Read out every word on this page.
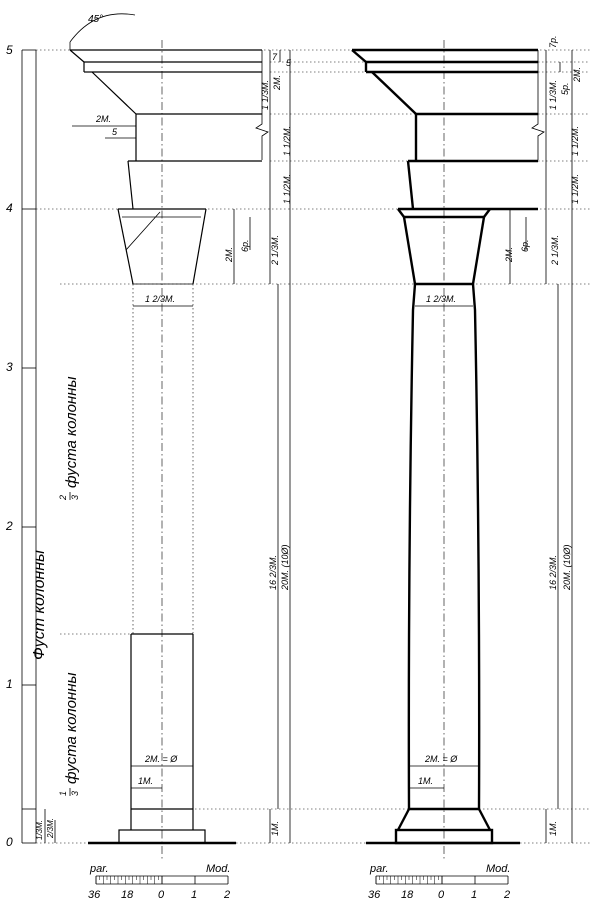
5
4
3
2
1
0
1/3М. 2/3М.
Фуст колонны
2 3
фуста колонны
1 3
фуста колонны
45°
7
5
2М.
1 1/3М.
2М.
5	1 1/2М.
1 1/2М.
2М.
6р. 2 1/3М.
1 2/3М.
16 2/3М. 20М. (10Ø)
2М. = Ø
1М.
1М.
7р.
5р.
2М.
1 1/3М.
1 1/2М.
1 1/2М.
2М.
6р. 2 1/3М.
1 2/3М.
16 2/3М. 20М. (10Ø)
2М. = Ø
1М.
1М.
par.	Mod.
36 18 0 1 2
par.	Mod.
36 18 0 1 2
